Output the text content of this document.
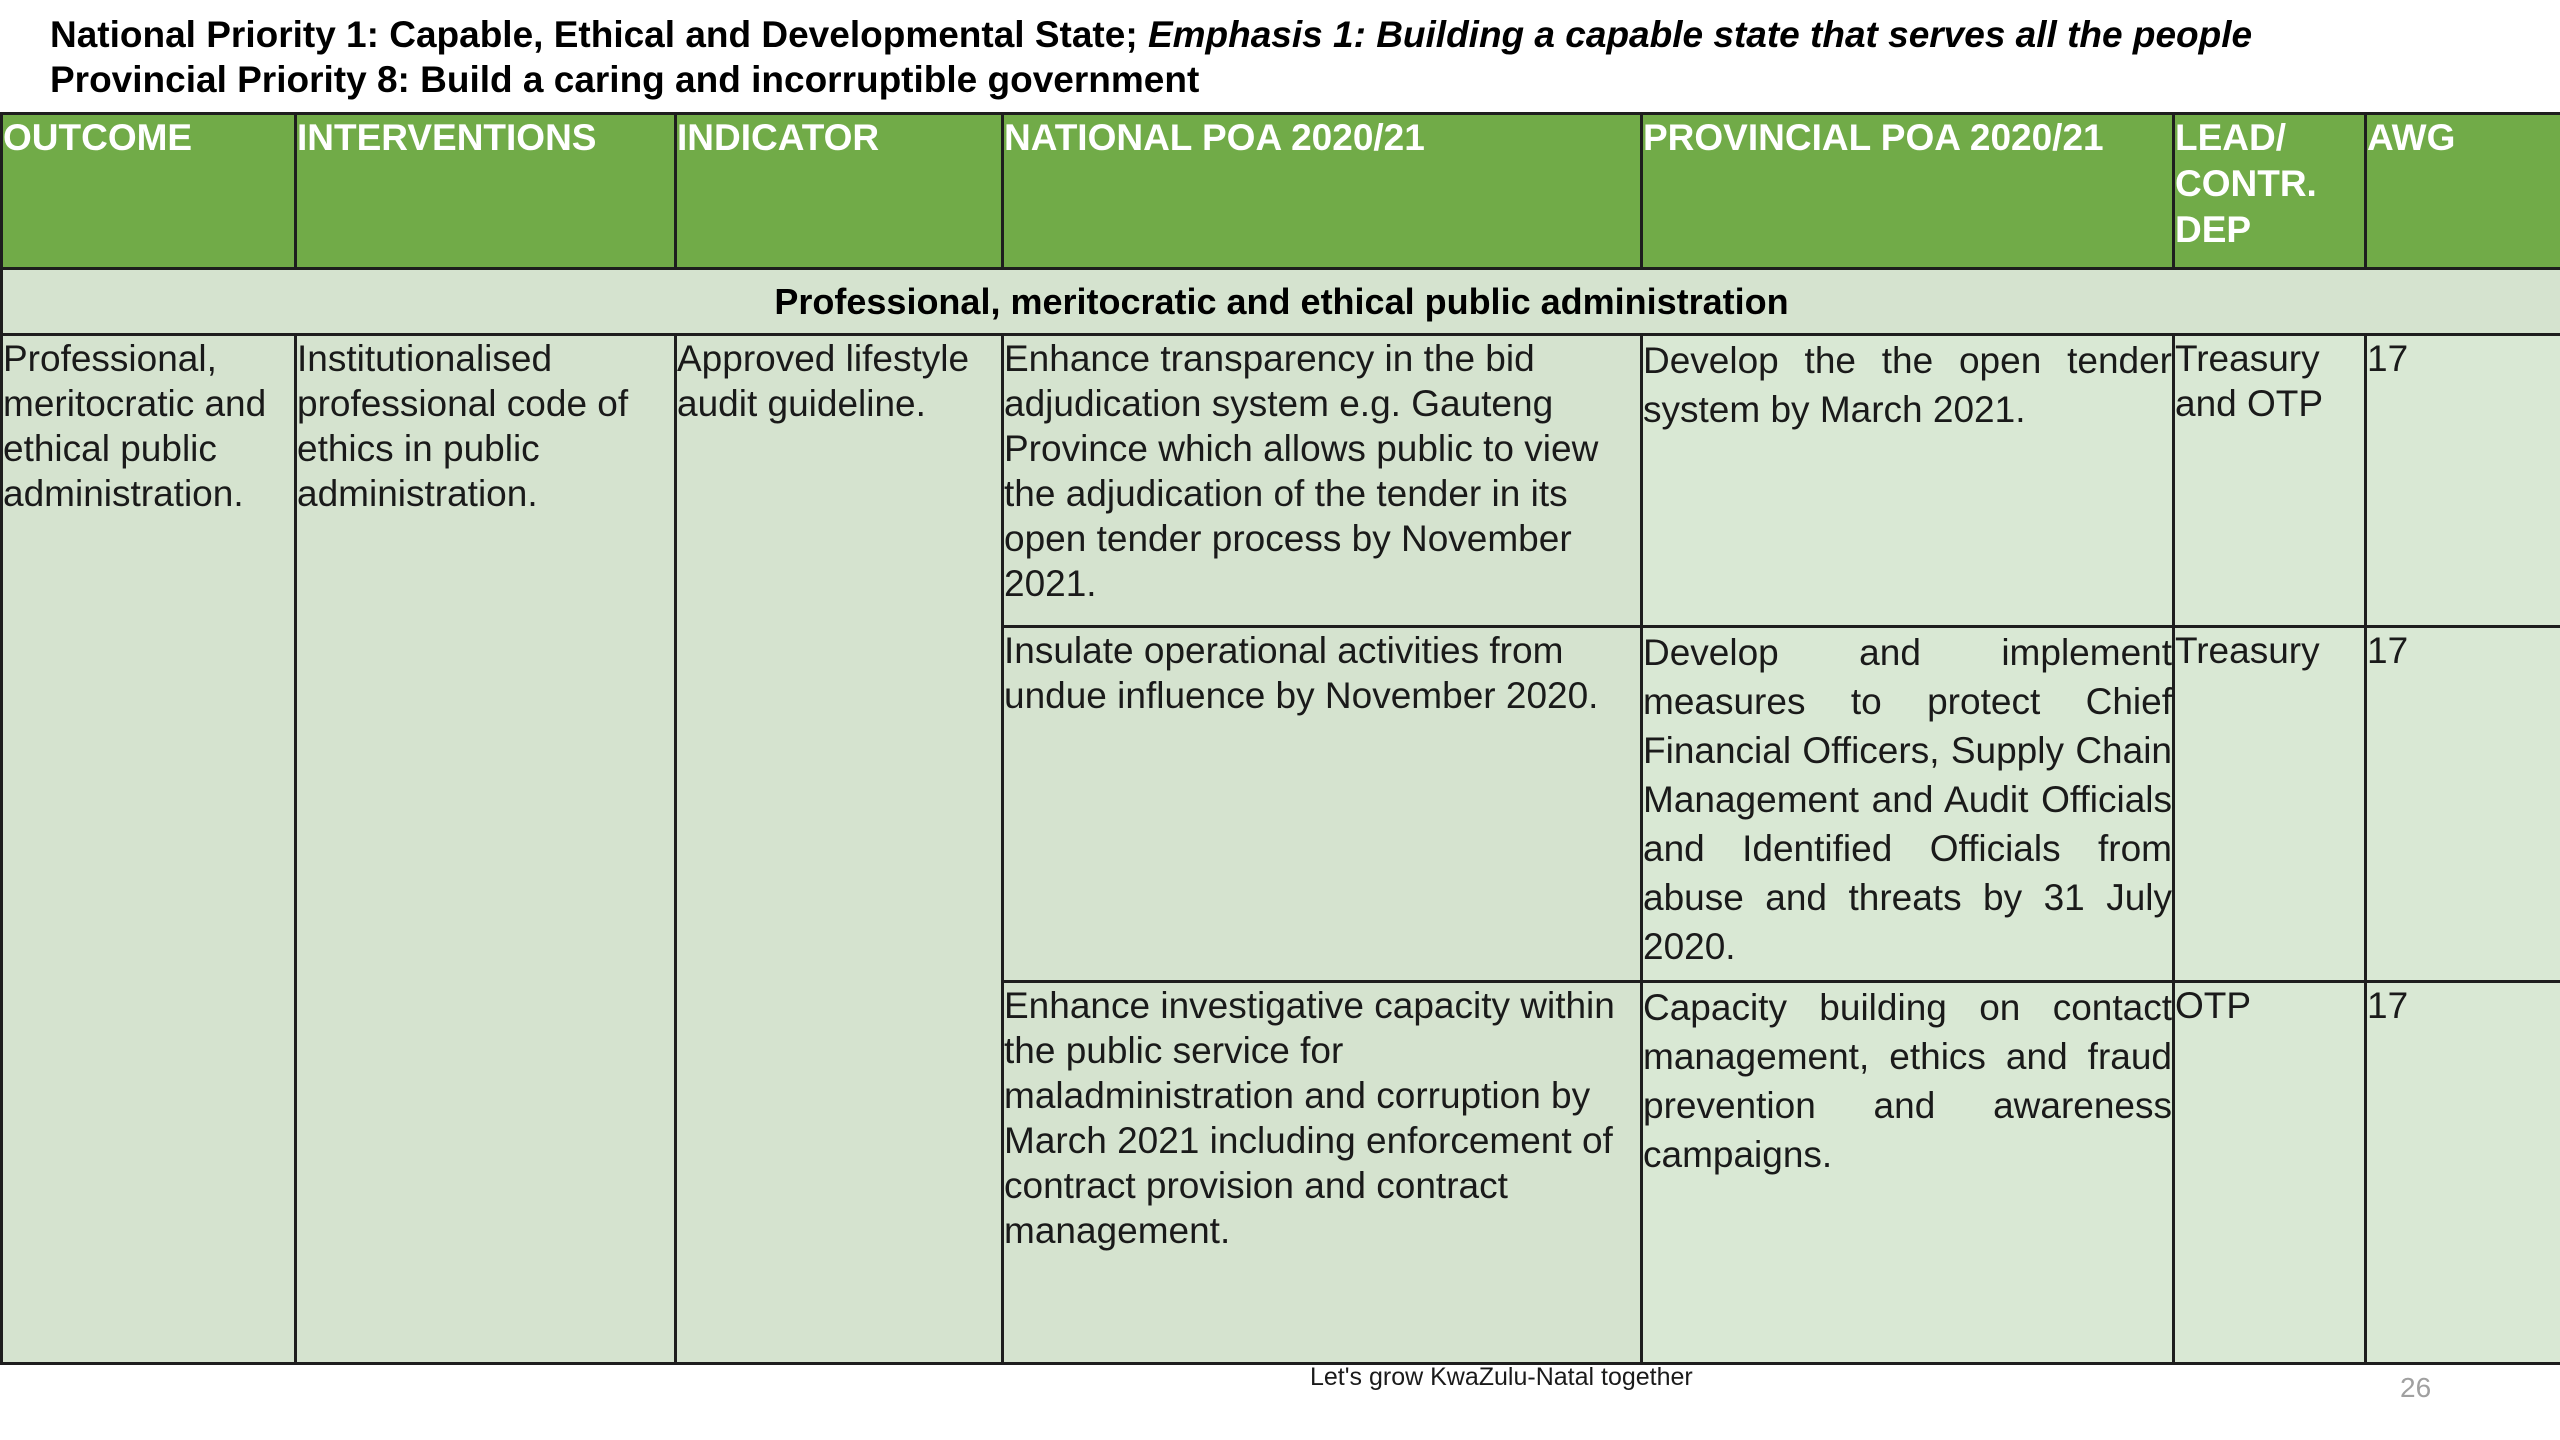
National Priority 1: Capable, Ethical and Developmental State; Emphasis 1: Building a capable state that serves all the people
Provincial Priority 8: Build a caring and incorruptible government
OUTCOME	INTERVENTIONS	INDICATOR	NATIONAL POA 2020/21	PROVINCIAL POA 2020/21	LEAD/ CONTR. DEP	AWG
Professional, meritocratic and ethical public administration						
Professional, meritocratic and ethical public administration.	Institutionalised professional code of ethics in public administration.	Approved lifestyle audit guideline.	Enhance transparency in the bid adjudication system e.g. Gauteng Province which allows public to view the adjudication of the tender in its open tender process by November 2021.	Develop the the open tender system by March 2021.	Treasury and OTP	17
			Insulate operational activities from undue influence by November 2020.	Develop and implement measures to protect Chief Financial Officers, Supply Chain Management and Audit Officials and Identified Officials from abuse and threats by 31 July 2020.	Treasury	17
			Enhance investigative capacity within the public service for maladministration and corruption by March 2021 including enforcement of contract provision and contract management.	Capacity building on contact management, ethics and fraud prevention and awareness campaigns.	OTP	17
Let's grow KwaZulu-Natal together	26
